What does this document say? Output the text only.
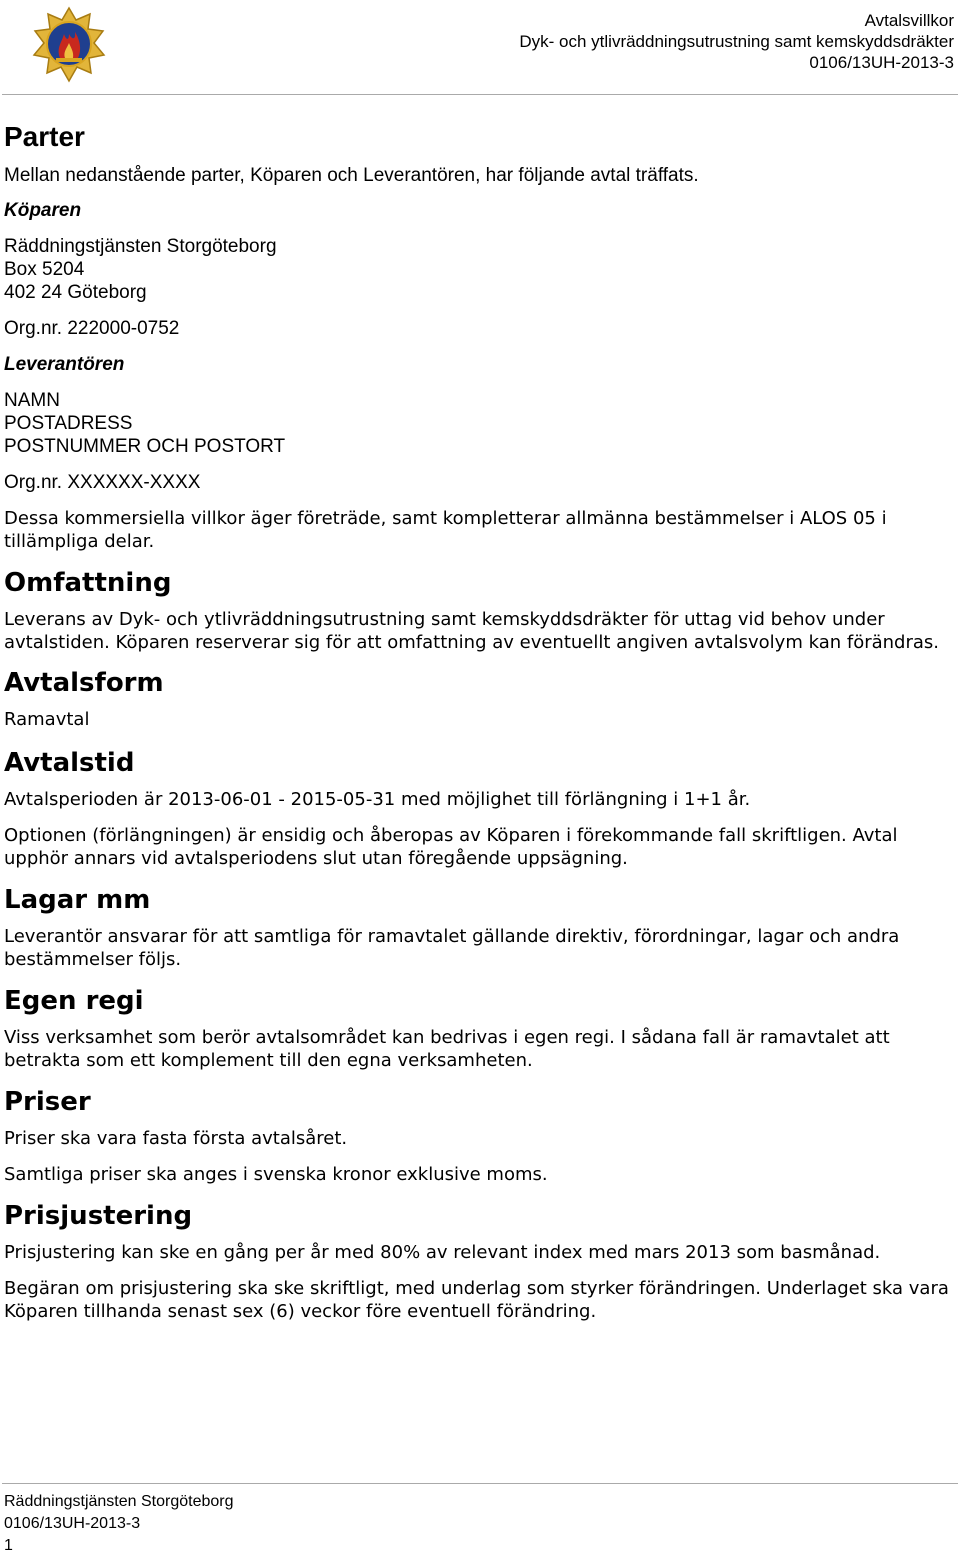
Avtalsvillkor
Dyk- och ytlivräddningsutrustning samt kemskyddsdräkter
0106/13UH-2013-3
Parter

Mellan nedanstående parter, Köparen och Leverantören, har följande avtal träffats.

Köparen

Räddningstjänsten Storgöteborg

Box 5204

402 24 Göteborg

Org.nr. 222000-0752

Leverantören

NAMN

POSTADRESS

POSTNUMMER OCH POSTORT

Org.nr. XXXXXX-XXXX

Dessa kommersiella villkor äger företräde, samt kompletterar allmänna bestämmelser i ALOS 05 i tillämpliga delar.

Omfattning

Leverans av Dyk- och ytlivräddningsutrustning samt kemskyddsdräkter för uttag vid behov under avtalstiden. Köparen reserverar sig för att omfattning av eventuellt angiven avtalsvolym kan förändras.

Avtalsform

Ramavtal

Avtalstid

Avtalsperioden är 2013-06-01 - 2015-05-31 med möjlighet till förlängning i 1+1 år.

Optionen (förlängningen) är ensidig och åberopas av Köparen i förekommande fall skriftligen. Avtal upphör annars vid avtalsperiodens slut utan föregående uppsägning.

Lagar mm

Leverantör ansvarar för att samtliga för ramavtalet gällande direktiv, förordningar, lagar och andra bestämmelser följs.

Egen regi

Viss verksamhet som berör avtalsområdet kan bedrivas i egen regi. I sådana fall är ramavtalet att betrakta som ett komplement till den egna verksamheten.

Priser

Priser ska vara fasta första avtalsåret.

Samtliga priser ska anges i svenska kronor exklusive moms.

Prisjustering

Prisjustering kan ske en gång per år med 80% av relevant index med mars 2013 som basmånad.

Begäran om prisjustering ska ske skriftligt, med underlag som styrker förändringen. Underlaget ska vara Köparen tillhanda senast sex (6) veckor före eventuell förändring.

Räddningstjänsten Storgöteborg
0106/13UH-2013-3
1
